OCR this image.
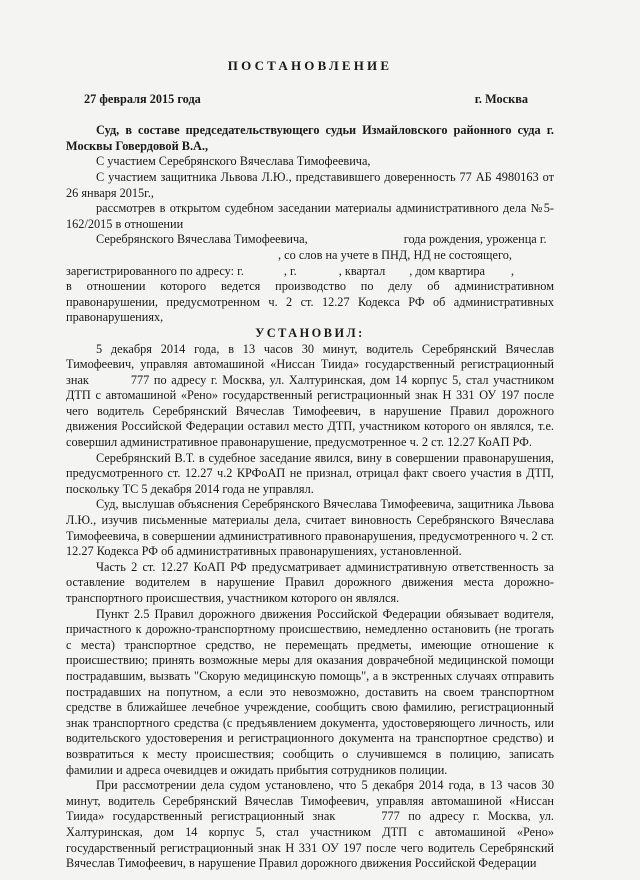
ПОСТАНОВЛЕНИЕ
27 февраля 2015 года	г. Москва

Суд, в составе председательствующего судьи Измайловского районного суда г. Москвы Говердовой В.А.,

С участием Серебрянского Вячеслава Тимофеевича,

С участием защитника Львова Л.Ю., представившего доверенность 77 АБ 4980163 от 26 января 2015г.,

рассмотрев в открытом судебном заседании материалы административного дела №5-162/2015 в отношении

Серебрянского Вячеслава Тимофеевича,	года рождения, уроженца г.

, со слов на учете в ПНД, НД не состоящего,

зарегистрированного по адресу: г.	, г.	, квартал , дом квартира ,

в отношении которого ведется производство по делу об административном правонарушении, предусмотренном ч. 2 ст. 12.27 Кодекса РФ об административных правонарушениях,

УСТАНОВИЛ:

5 декабря 2014 года, в 13 часов 30 минут, водитель Серебрянский Вячеслав Тимофеевич, управляя автомашиной «Ниссан Тиида» государственный регистрационный знак	777 по адресу г. Москва, ул. Халтуринская, дом 14 корпус 5, стал участником ДТП с автомашиной «Рено» государственный регистрационный знак Н 331 ОУ 197 после чего водитель Серебрянский Вячеслав Тимофеевич, в нарушение Правил дорожного движения Российской Федерации оставил место ДТП, участником которого он являлся, т.е. совершил административное правонарушение, предусмотренное ч. 2 ст. 12.27 КоАП РФ.

Серебрянский В.Т. в судебное заседание явился, вину в совершении правонарушения, предусмотренного ст. 12.27 ч.2 КРФоАП не признал, отрицал факт своего участия в ДТП, поскольку ТС 5 декабря 2014 года не управлял.

Суд, выслушав объяснения Серебрянского Вячеслава Тимофеевича, защитника Львова Л.Ю., изучив письменные материалы дела, считает виновность Серебрянского Вячеслава Тимофеевича, в совершении административного правонарушения, предусмотренного ч. 2 ст. 12.27 Кодекса РФ об административных правонарушениях, установленной.

Часть 2 ст. 12.27 КоАП РФ предусматривает административную ответственность за оставление водителем в нарушение Правил дорожного движения места дорожно-транспортного происшествия, участником которого он являлся.

Пункт 2.5 Правил дорожного движения Российской Федерации обязывает водителя, причастного к дорожно-транспортному происшествию, немедленно остановить (не трогать с места) транспортное средство, не перемещать предметы, имеющие отношение к происшествию; принять возможные меры для оказания доврачебной медицинской помощи пострадавшим, вызвать "Скорую медицинскую помощь", а в экстренных случаях отправить пострадавших на попутном, а если это невозможно, доставить на своем транспортном средстве в ближайшее лечебное учреждение, сообщить свою фамилию, регистрационный знак транспортного средства (с предъявлением документа, удостоверяющего личность, или водительского удостоверения и регистрационного документа на транспортное средство) и возвратиться к месту происшествия; сообщить о случившемся в полицию, записать фамилии и адреса очевидцев и ожидать прибытия сотрудников полиции.

При рассмотрении дела судом установлено, что 5 декабря 2014 года, в 13 часов 30 минут, водитель Серебрянский Вячеслав Тимофеевич, управляя автомашиной «Ниссан Тиида» государственный регистрационный знак	777 по адресу г. Москва, ул. Халтуринская, дом 14 корпус 5, стал участником ДТП с автомашиной «Рено» государственный регистрационный знак Н 331 ОУ 197 после чего водитель Серебрянский Вячеслав Тимофеевич, в нарушение Правил дорожного движения Российской Федерации
